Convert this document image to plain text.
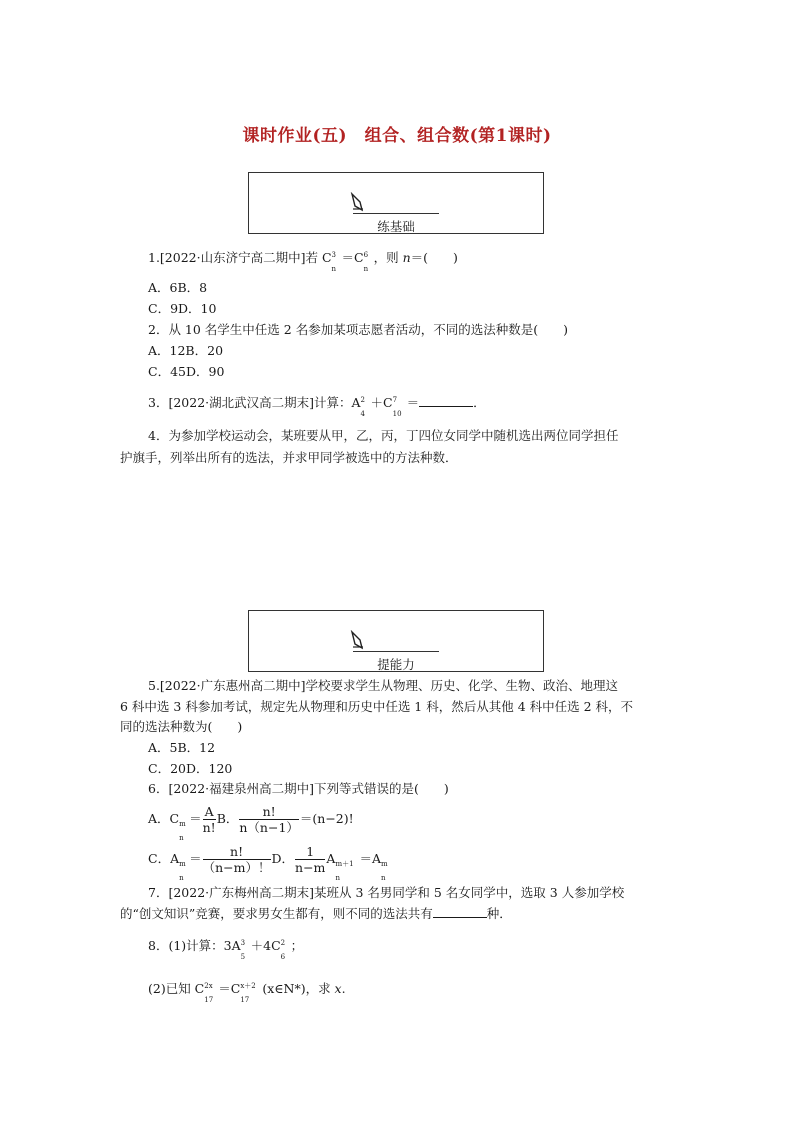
课时作业(五)　组合、组合数(第1课时)
练基础
1.[2022·山东济宁高二期中]若 C 3
n
＝C 6
n
，则 n＝(　　)
A．6B．8
C．9D．10
2．从 10 名学生中任选 2 名参加某项志愿者活动，不同的选法种数是(　　)
A．12B．20
C．45D．90
3．[2022·湖北武汉高二期末]计算：A 2
4
＋C 7
10
＝	．
4．为参加学校运动会，某班要从甲，乙，丙，丁四位女同学中随机选出两位同学担任
护旗手，列举出所有的选法，并求甲同学被选中的方法种数．
提能力
5.[2022·广东惠州高二期中]学校要求学生从物理、历史、化学、生物、政治、地理这
6 科中选 3 科参加考试，规定先从物理和历史中任选 1 科，然后从其他 4 科中任选 2 科，不
同的选法种数为(　　)
A．5B．12
C．20D．120
6．[2022·福建泉州高二期中]下列等式错误的是(　　)
A．C m
n
＝ $\frac{A}{n!}$ B． $\frac{n!}{n(n-1)} =(n-2)$!
C．A m
n
＝ $\frac{n!}{(n-m)!}$ D． $\frac{1}{n-m}$ A m＋1
n
＝A m
n
7．[2022·广东梅州高二期末]某班从 3 名男同学和 5 名女同学中，选取 3 人参加学校
的“创文知识”竞赛，要求男女生都有，则不同的选法共有	种．
8．(1)计算：3A 3
5
＋4C 2
6
；
(2)已知 C 2x
17
＝C x＋2
17
(x∈N*)，求 x.
